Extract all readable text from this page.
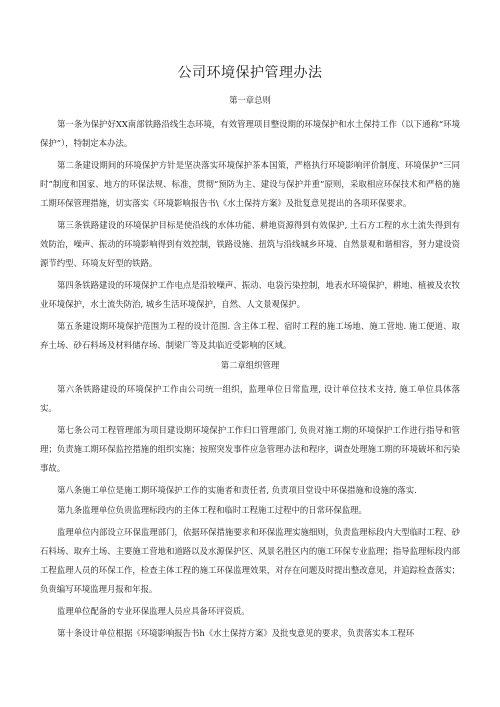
公司环境保护管理办法
第一章总则

第一条为保护好XX南部铁路沿线生态环境，有效管理项目整设期的环境保护和水土保持工作（以下通称“环境保护”），特制定本办法。

第二条建设期间的环境保护方针是坚决落实环境保护茶本国策，严格执行环境影响评价制度、环境保护“三同时”制度和国家、地方的环保法规、标准，贯彻“预防为主、建设与保护并重”原则，采取相应环保技术和严格的施工期环保管理措施，切实落实《环境影响报告书\《水土保持方案》及批复意见提出的各项环保要求。

第三条铁路建设的环境保护目标是使沿线的水体功能、耕地资源得到有效保护, 土石方工程的水土流失得到有效防治，噪声、振动的环境影响得到有效控制，铁路设施、扭筑与沿线城乡环境、自然景观和谐相容，努力建设资源节约型、环境友好型的铁路。

第四条铁路建设的环境保护工作电点是沿较噪声、振动、电袋污染控制，地表水环境保护，耕地、植被及农牧业环境保护，水土流失防治, 城乡生活环境保护，自然、人文景观保护。

第五条建设期环境保护范围为工程的设计范围. 含主体工程、宿时工程的施工场地、施工营地. 施工便道、取弃土场、砂石料场及材料储存场、制梁厂等及其临近受影响的区域。

第二章组织管理

第六条铁路建设的环境保护工作由公司统一组织，监理单位日常监理, 设计单位技术支持, 施工单位具体落实。

第七条公司工程管理部为项目建设期环境保护工作归口管理部门, 负贵对施工期的环境保护工作进行指导和管理；负责施工期环保监控措施的组织实施；按照突发事件应急管理办法和程序，调查处理施工期的环境破坏和污染事故。

第八条施工单位是施工期环境保护工作的实施者和责任者, 负责项目堂设中环保措施和设施的落实.

第九条监理单位负贵监理标段内的主体工程和临时工程施工过程中的日常环保监理。

监理单位内部设立环保监理部门，依据环保措施要求和环保监理实施细则，负责监理标段内大型临时工程、砂石料场、取弃土场、主要施工营地和道路以及水源保护区、风景名胜区内的施工环保专业监理；指导监理标段内部工程监理人员的环保工作，检查主体工程的施工环保监理效果，对存在问题及时提出整改意见，并追踪检查落实；负贵编写环境监理月报和年报。

监理单位配备的专业环保监理人员应具备环评资质。

第十条设计单位根据《环境影响报告书h《水土保持方案》及批曳意见的要求，负责落实本工程环
